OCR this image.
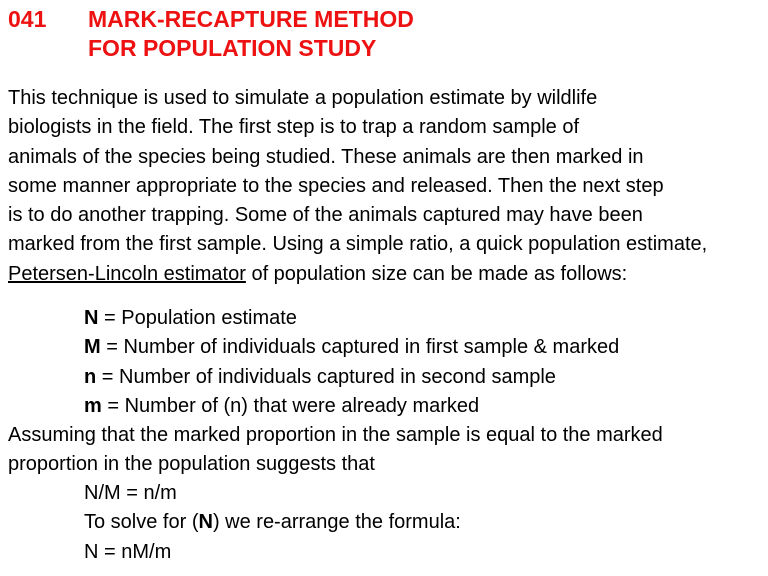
041	MARK-RECAPTURE METHOD
FOR POPULATION STUDY
This technique is used to simulate a population estimate by wildlife
biologists in the field. The first step is to trap a random sample of
animals of the species being studied. These animals are then marked in
some manner appropriate to the species and released. Then the next step
is to do another trapping. Some of the animals captured may have been
marked from the first sample. Using a simple ratio, a quick population estimate,
Petersen-Lincoln estimator of population size can be made as follows:
N = Population estimate
M = Number of individuals captured in first sample & marked
n = Number of individuals captured in second sample
m = Number of (n) that were already marked
Assuming that the marked proportion in the sample is equal to the marked
proportion in the population suggests that
N/M = n/m
To solve for (N) we re-arrange the formula:
N = nM/m
